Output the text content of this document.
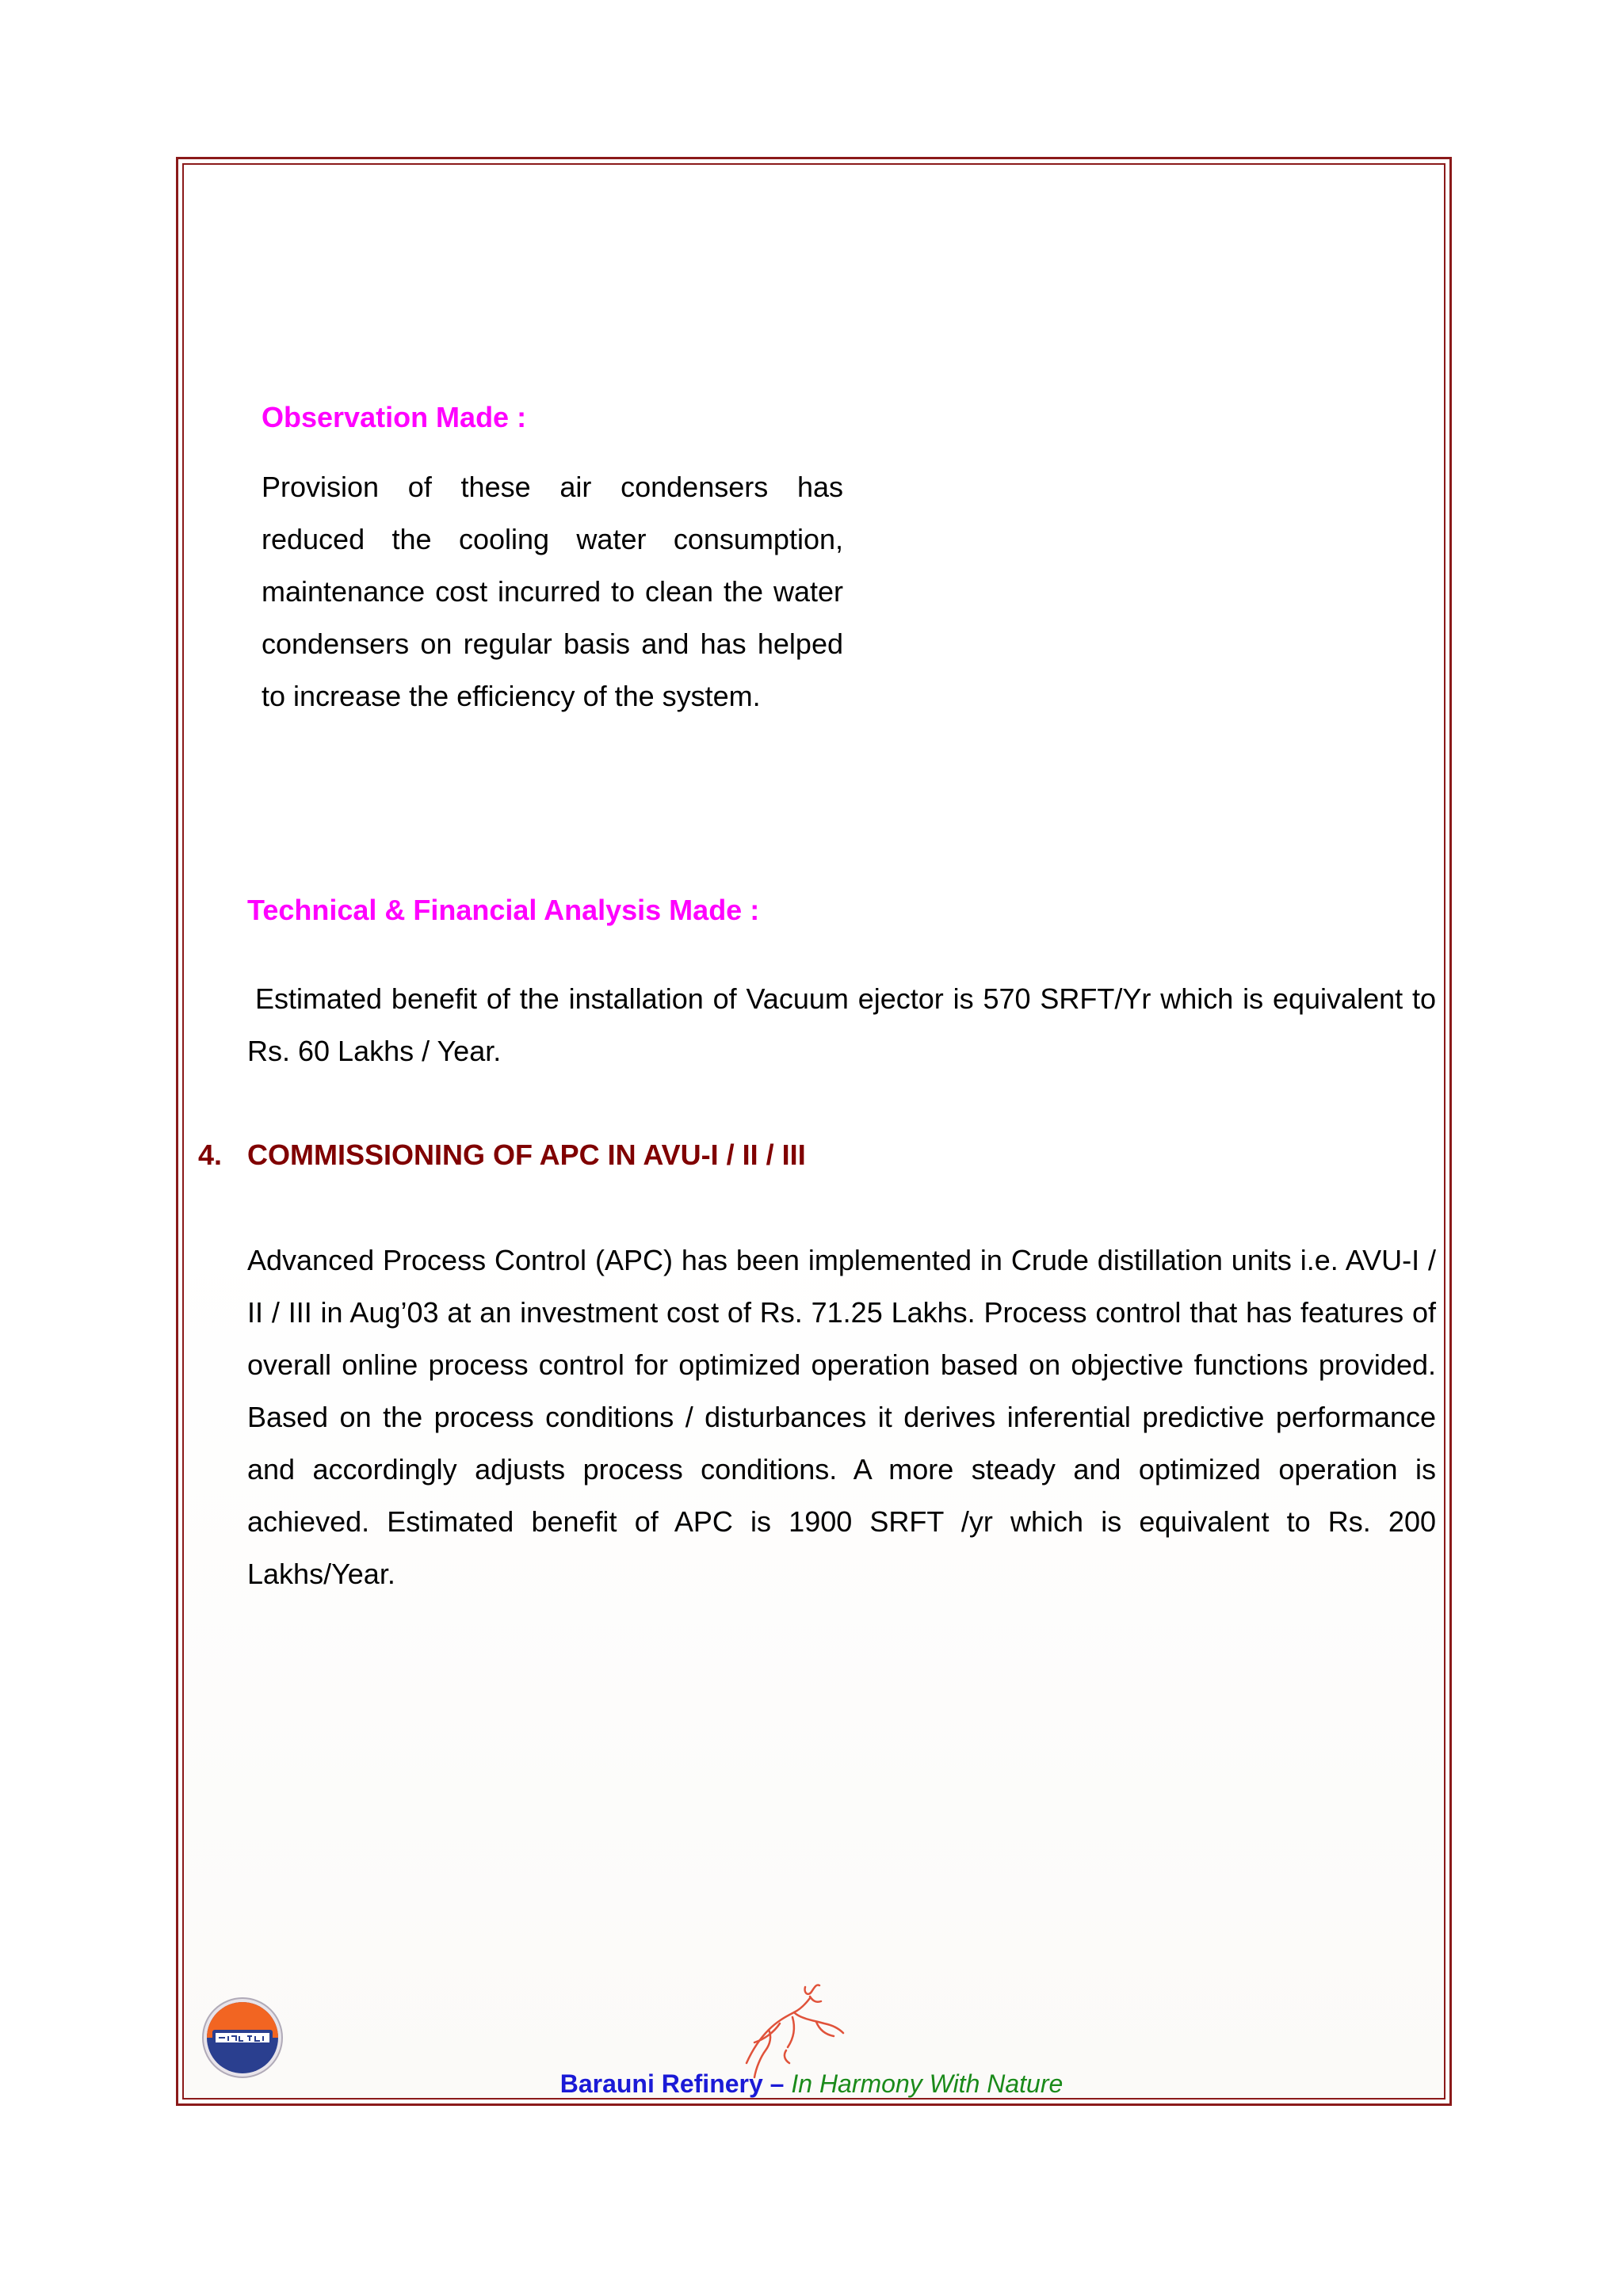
Observation Made :
Provision of these air condensers has reduced the cooling water consumption, maintenance cost incurred to clean the water condensers on regular basis and has helped to increase the efficiency of the system.
Technical & Financial Analysis Made :
Estimated benefit of the installation of Vacuum ejector is 570 SRFT/Yr which is equivalent to Rs. 60 Lakhs / Year.
4. COMMISSIONING OF APC IN AVU-I / II / III
Advanced Process Control (APC) has been implemented in Crude distillation units i.e. AVU-I / II / III in Aug’03 at an investment cost of Rs. 71.25 Lakhs. Process control that has features of overall online process control for optimized operation based on objective functions provided. Based on the process conditions / disturbances it derives inferential predictive performance and accordingly adjusts process conditions. A more steady and optimized operation is achieved. Estimated benefit of APC is 1900 SRFT /yr which is equivalent to Rs. 200 Lakhs/Year.
Barauni Refinery – In Harmony With Nature
